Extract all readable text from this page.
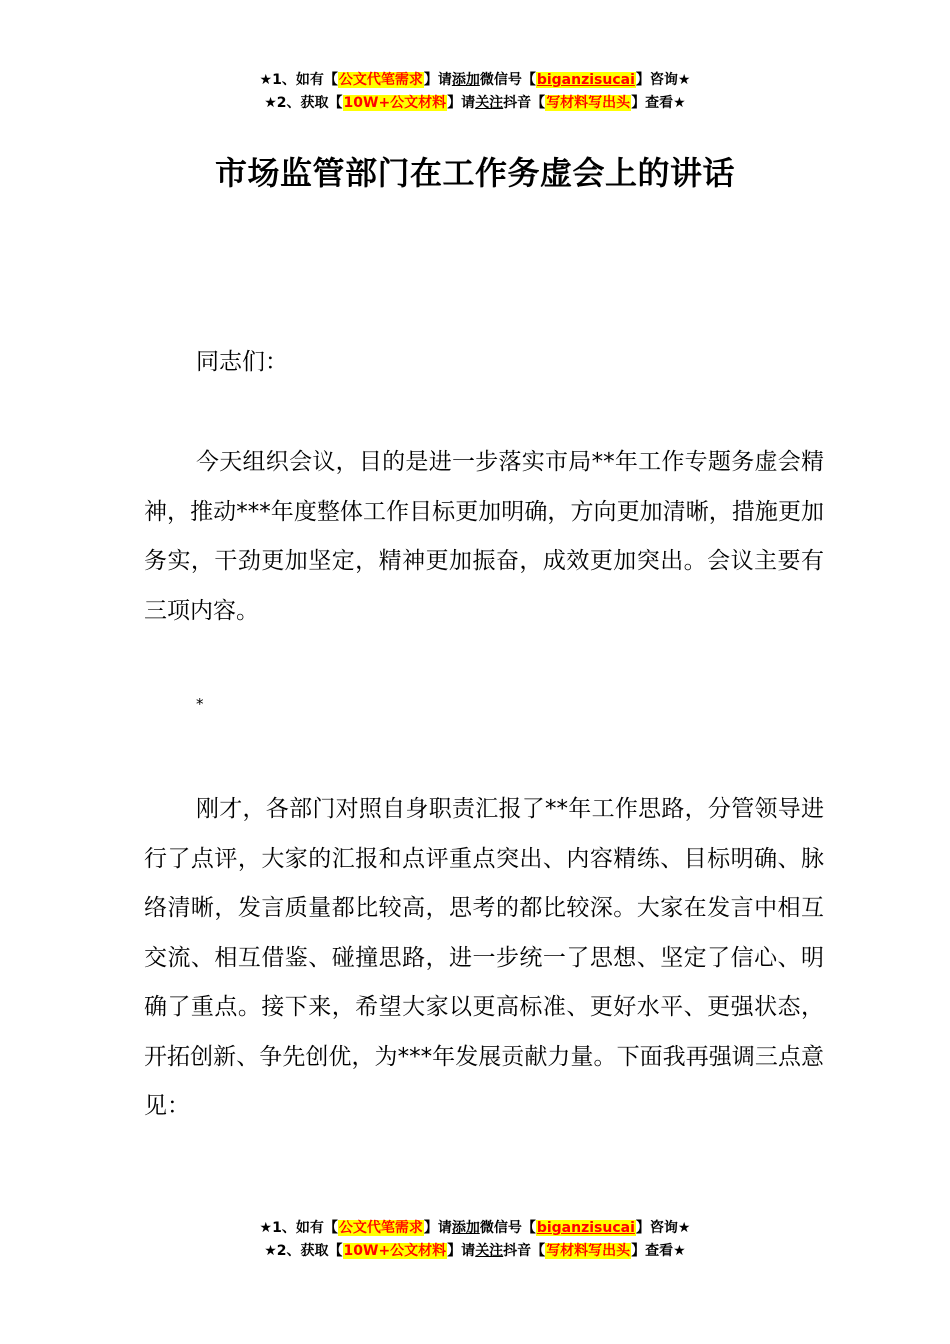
★1、如有【公文代笔需求】请添加微信号【biganzisucai】咨询★
★2、获取【10W+公文材料】请关注抖音【写材料写出头】查看★
市场监管部门在工作务虚会上的讲话
同志们：
今天组织会议，目的是进一步落实市局**年工作专题务虚会精神，推动***年度整体工作目标更加明确，方向更加清晰，措施更加务实，干劲更加坚定，精神更加振奋，成效更加突出。会议主要有三项内容。
*
刚才，各部门对照自身职责汇报了**年工作思路，分管领导进行了点评，大家的汇报和点评重点突出、内容精练、目标明确、脉络清晰，发言质量都比较高，思考的都比较深。大家在发言中相互交流、相互借鉴、碰撞思路，进一步统一了思想、坚定了信心、明确了重点。接下来，希望大家以更高标准、更好水平、更强状态，开拓创新、争先创优，为***年发展贡献力量。下面我再强调三点意见：
★1、如有【公文代笔需求】请添加微信号【biganzisucai】咨询★
★2、获取【10W+公文材料】请关注抖音【写材料写出头】查看★
